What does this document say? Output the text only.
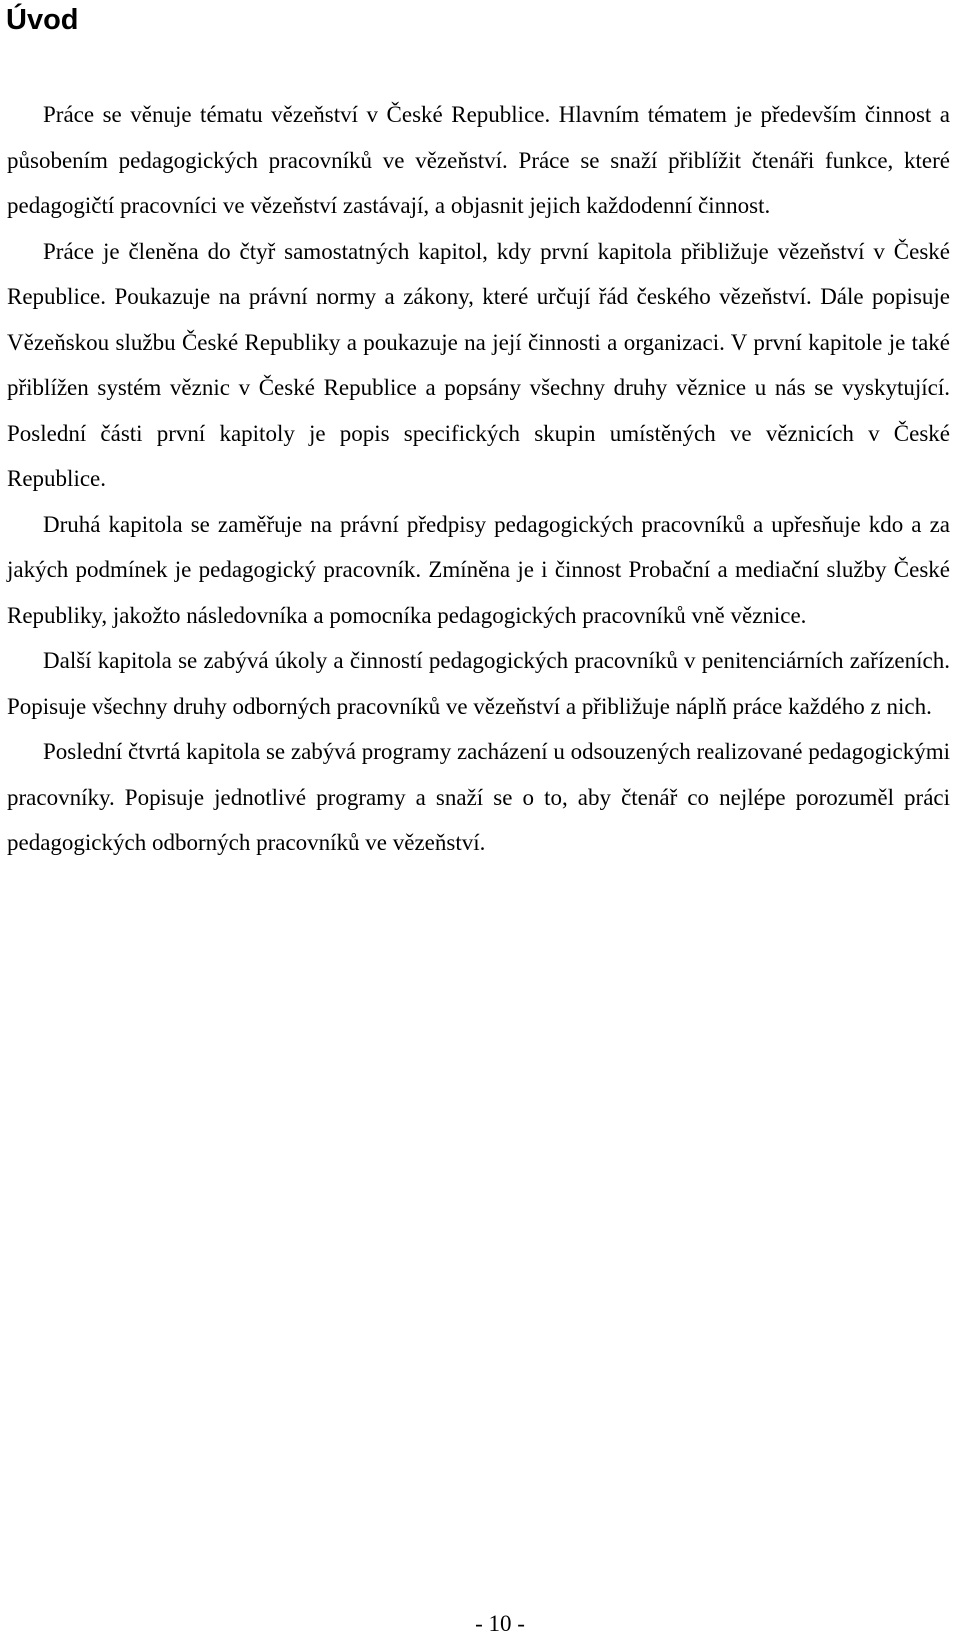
Úvod

Práce se věnuje tématu vězeňství v České Republice. Hlavním tématem je především činnost a působením pedagogických pracovníků ve vězeňství. Práce se snaží přiblížit čtenáři funkce, které pedagogičtí pracovníci ve vězeňství zastávají, a objasnit jejich každodenní činnost.

Práce je členěna do čtyř samostatných kapitol, kdy první kapitola přibližuje vězeňství v České Republice. Poukazuje na právní normy a zákony, které určují řád českého vězeňství. Dále popisuje Vězeňskou službu České Republiky a poukazuje na její činnosti a organizaci. V první kapitole je také přiblížen systém věznic v České Republice a popsány všechny druhy věznice u nás se vyskytující. Poslední části první kapitoly je popis specifických skupin umístěných ve věznicích v České Republice.

Druhá kapitola se zaměřuje na právní předpisy pedagogických pracovníků a upřesňuje kdo a za jakých podmínek je pedagogický pracovník. Zmíněna je i činnost Probační a mediační služby České Republiky, jakožto následovníka a pomocníka pedagogických pracovníků vně věznice.

Další kapitola se zabývá úkoly a činností pedagogických pracovníků v penitenciárních zařízeních. Popisuje všechny druhy odborných pracovníků ve vězeňství a přibližuje náplň práce každého z nich.

Poslední čtvrtá kapitola se zabývá programy zacházení u odsouzených realizované pedagogickými pracovníky. Popisuje jednotlivé programy a snaží se o to, aby čtenář co nejlépe porozuměl práci pedagogických odborných pracovníků ve vězeňství.

- 10 -
